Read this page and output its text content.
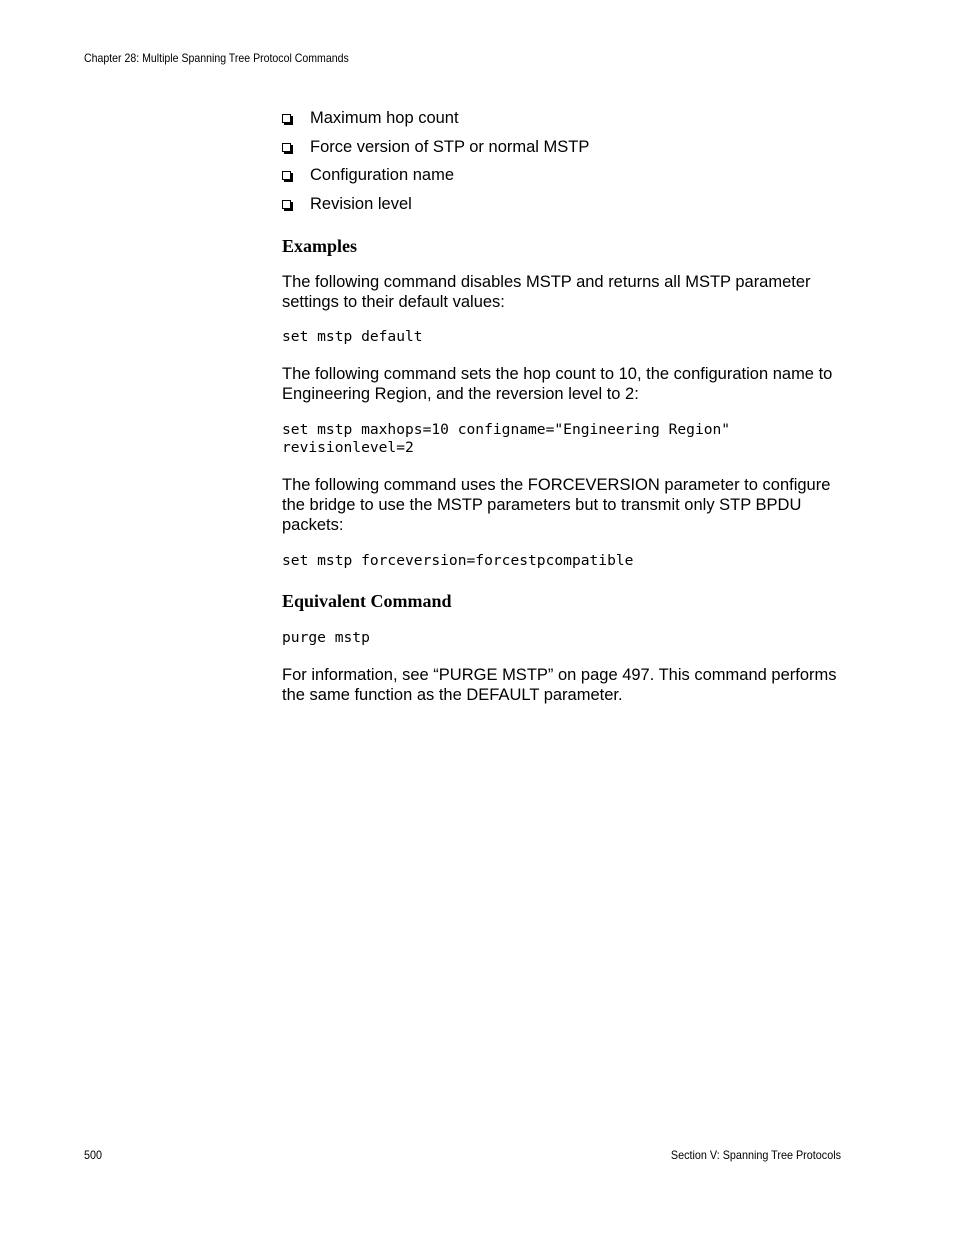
Chapter 28: Multiple Spanning Tree Protocol Commands
Maximum hop count
Force version of STP or normal MSTP
Configuration name
Revision level
Examples

The following command disables MSTP and returns all MSTP parameter settings to their default values:

set mstp default

The following command sets the hop count to 10, the configuration name to Engineering Region, and the reversion level to 2:

set mstp maxhops=10 configname="Engineering Region"
revisionlevel=2

The following command uses the FORCEVERSION parameter to configure the bridge to use the MSTP parameters but to transmit only STP BPDU packets:

set mstp forceversion=forcestpcompatible
Equivalent Command
purge mstp

For information, see “PURGE MSTP” on page 497. This command performs the same function as the DEFAULT parameter.

500	Section V: Spanning Tree Protocols
